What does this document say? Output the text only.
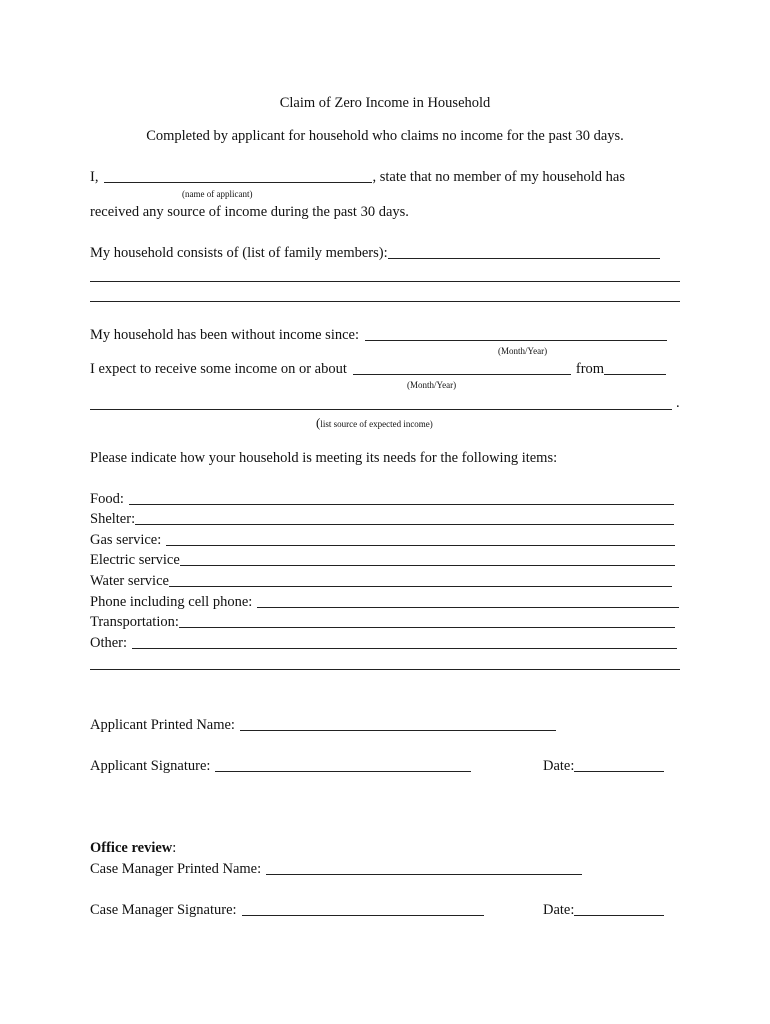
Claim of Zero Income in Household
Completed by applicant for household who claims no income for the past 30 days.
I,	, state that no member of my household has
(name of applicant)
received any source of income during the past 30 days.
My household consists of (list of family members):
My household has been without income since:
(Month/Year)
I expect to receive some income on or about	from
(Month/Year)
.
( list source of expected income)
Please indicate how your household is meeting its needs for the following items:
Food:
Shelter:
Gas service:
Electric service
Water service
Phone including cell phone:
Transportation:
Other:
Applicant Printed Name:
Applicant Signature:	Date:
Office review :
Case Manager Printed Name:
Case Manager Signature:	Date:
